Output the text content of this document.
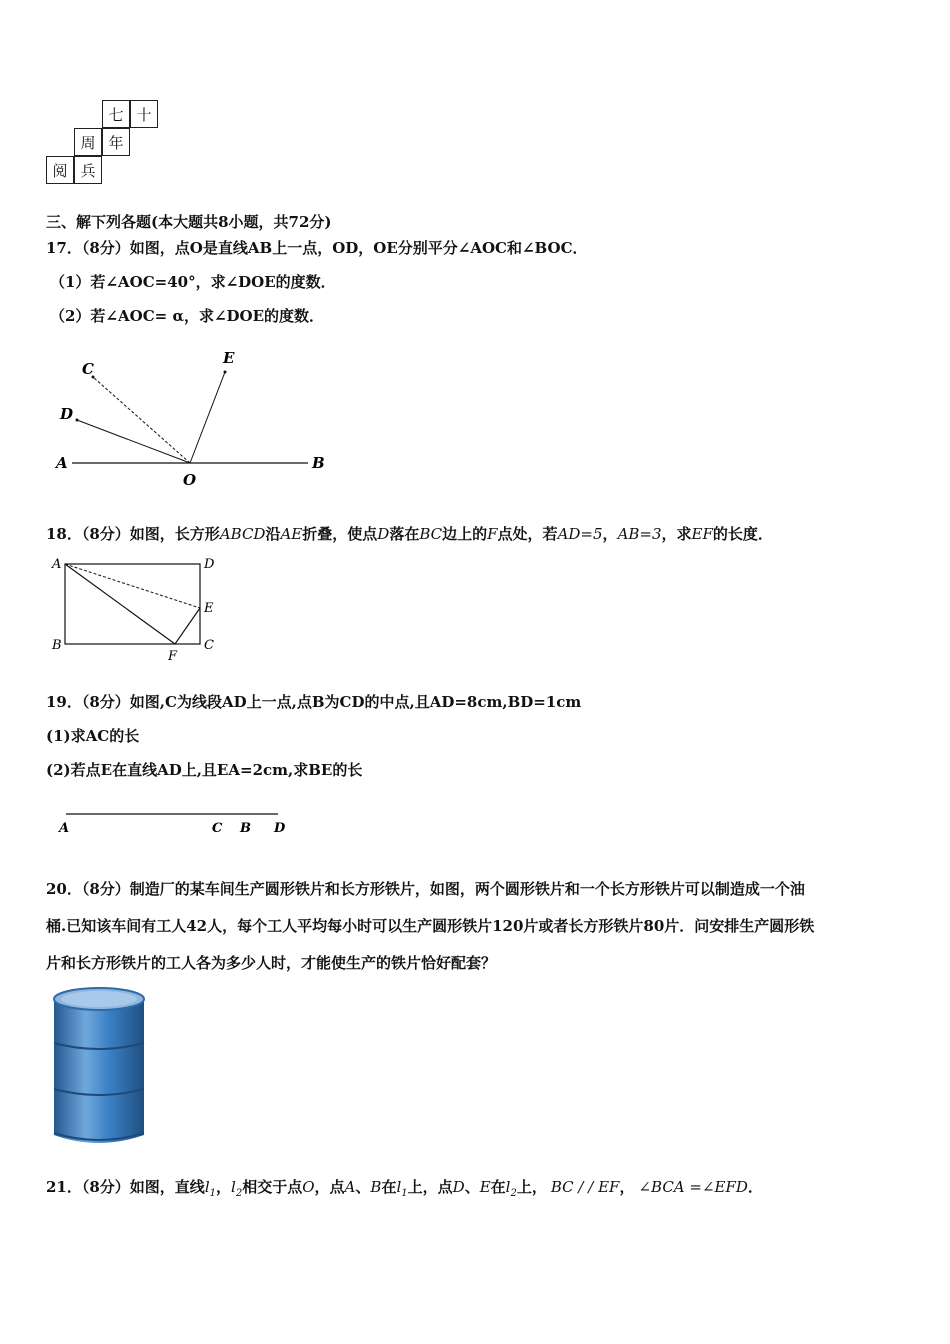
七 十
周 年
阅 兵
三、解下列各题(本大题共8小题，共72分)
17．（8分）如图，点O是直线AB上一点，OD，OE分别平分∠AOC和∠BOC．
（1）若∠AOC=40°，求∠DOE的度数．
（2）若∠AOC= α，求∠DOE的度数．
C
E
D
A	B
O
18．（8分）如图，长方形ABCD沿AE折叠，使点D落在BC边上的F点处，若AD=5，AB=3，求EF的长度．
A	D
E
B
F
C
19．（8分）如图,C为线段AD上一点,点B为CD的中点,且AD=8cm,BD=1cm
(1)求AC的长
(2)若点E在直线AD上,且EA=2cm,求BE的长
A	C B D
20．（8分）制造厂的某车间生产圆形铁片和长方形铁片，如图，两个圆形铁片和一个长方形铁片可以制造成一个油
桶.已知该车间有工人42人，每个工人平均每小时可以生产圆形铁片120片或者长方形铁片80片．问安排生产圆形铁
片和长方形铁片的工人各为多少人时，才能使生产的铁片恰好配套？
21．（8分）如图，直线$l_1$，$l_2$相交于点O，点A、B在$l_1$上，点D、E在$l_2$上， BC / / EF， ∠BCA =∠EFD．
